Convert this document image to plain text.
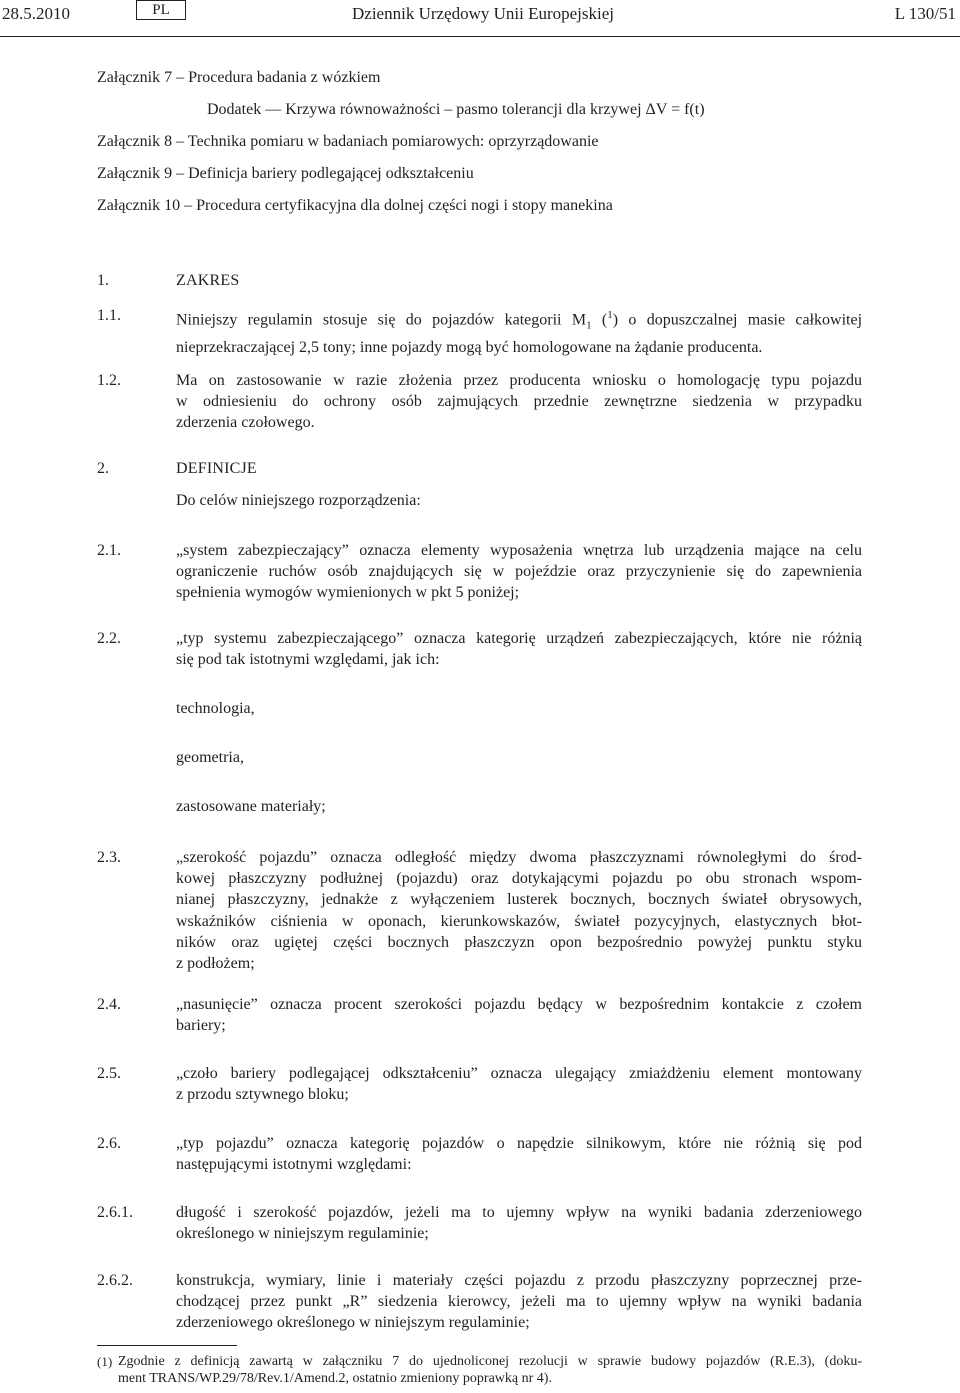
28.5.2010	PL	Dziennik Urzędowy Unii Europejskiej	L 130/51
Załącznik 7 – Procedura badania z wózkiem
Dodatek — Krzywa równoważności – pasmo tolerancji dla krzywej ΔV = f(t)
Załącznik 8 – Technika pomiaru w badaniach pomiarowych: oprzyrządowanie
Załącznik 9 – Definicja bariery podlegającej odkształceniu
Załącznik 10 – Procedura certyfikacyjna dla dolnej części nogi i stopy manekina
1.	ZAKRES
1.1.	Niniejszy regulamin stosuje się do pojazdów kategorii $M_1$ ($^1$) o dopuszczalnej masie całkowitej
nieprzekraczającej 2,5 tony; inne pojazdy mogą być homologowane na żądanie producenta.
1.2.	Ma on zastosowanie w razie złożenia przez producenta wniosku o homologację typu pojazdu
w odniesieniu do ochrony osób zajmujących przednie zewnętrzne siedzenia w przypadku
zderzenia czołowego.
2.	DEFINICJE
Do celów niniejszego rozporządzenia:
2.1.	„system zabezpieczający” oznacza elementy wyposażenia wnętrza lub urządzenia mające na celu
ograniczenie ruchów osób znajdujących się w pojeździe oraz przyczynienie się do zapewnienia
spełnienia wymogów wymienionych w pkt 5 poniżej;
2.2.	„typ systemu zabezpieczającego” oznacza kategorię urządzeń zabezpieczających, które nie różnią
się pod tak istotnymi względami, jak ich:
technologia,
geometria,
zastosowane materiały;
2.3.	„szerokość pojazdu” oznacza odległość między dwoma płaszczyznami równoległymi do środ-
kowej płaszczyzny podłużnej (pojazdu) oraz dotykającymi pojazdu po obu stronach wspom-
nianej płaszczyzny, jednakże z wyłączeniem lusterek bocznych, bocznych świateł obrysowych,
wskaźników ciśnienia w oponach, kierunkowskazów, świateł pozycyjnych, elastycznych błot-
ników oraz ugiętej części bocznych płaszczyzn opon bezpośrednio powyżej punktu styku
z podłożem;
2.4.	„nasunięcie” oznacza procent szerokości pojazdu będący w bezpośrednim kontakcie z czołem
bariery;
2.5.	„czoło bariery podlegającej odkształceniu” oznacza ulegający zmiażdżeniu element montowany
z przodu sztywnego bloku;
2.6.	„typ pojazdu” oznacza kategorię pojazdów o napędzie silnikowym, które nie różnią się pod
następującymi istotnymi względami:
2.6.1.	długość i szerokość pojazdów, jeżeli ma to ujemny wpływ na wyniki badania zderzeniowego
określonego w niniejszym regulaminie;
2.6.2.	konstrukcja, wymiary, linie i materiały części pojazdu z przodu płaszczyzny poprzecznej prze-
chodzącej przez punkt „R” siedzenia kierowcy, jeżeli ma to ujemny wpływ na wyniki badania
zderzeniowego określonego w niniejszym regulaminie;
(1) Zgodnie z definicją zawartą w załączniku 7 do ujednoliconej rezolucji w sprawie budowy pojazdów (R.E.3), (doku-
ment TRANS/WP.29/78/Rev.1/Amend.2, ostatnio zmieniony poprawką nr 4).
